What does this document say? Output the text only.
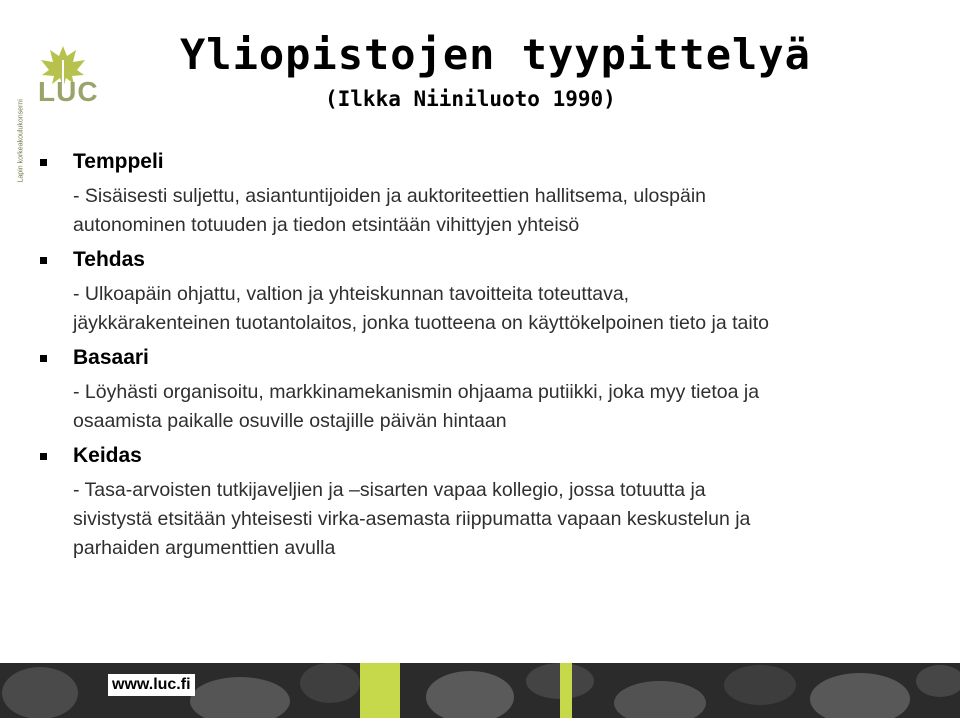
Lapin korkeakoulukonserni
LUC
Yliopistojen tyypittelyä
(Ilkka Niiniluoto 1990)
Temppeli
- Sisäisesti suljettu, asiantuntijoiden ja auktoriteettien hallitsema, ulospäin
autonominen totuuden ja tiedon etsintään vihittyjen yhteisö
Tehdas
- Ulkoapäin ohjattu, valtion ja yhteiskunnan tavoitteita toteuttava,
jäykkärakenteinen tuotantolaitos, jonka tuotteena on käyttökelpoinen tieto ja taito
Basaari
- Löyhästi organisoitu, markkinamekanismin ohjaama putiikki, joka myy tietoa ja
osaamista paikalle osuville ostajille päivän hintaan
Keidas
- Tasa-arvoisten tutkijaveljien ja –sisarten vapaa kollegio, jossa totuutta ja
sivistystä etsitään yhteisesti virka-asemasta riippumatta vapaan keskustelun ja
parhaiden argumenttien avulla
www.luc.fi
